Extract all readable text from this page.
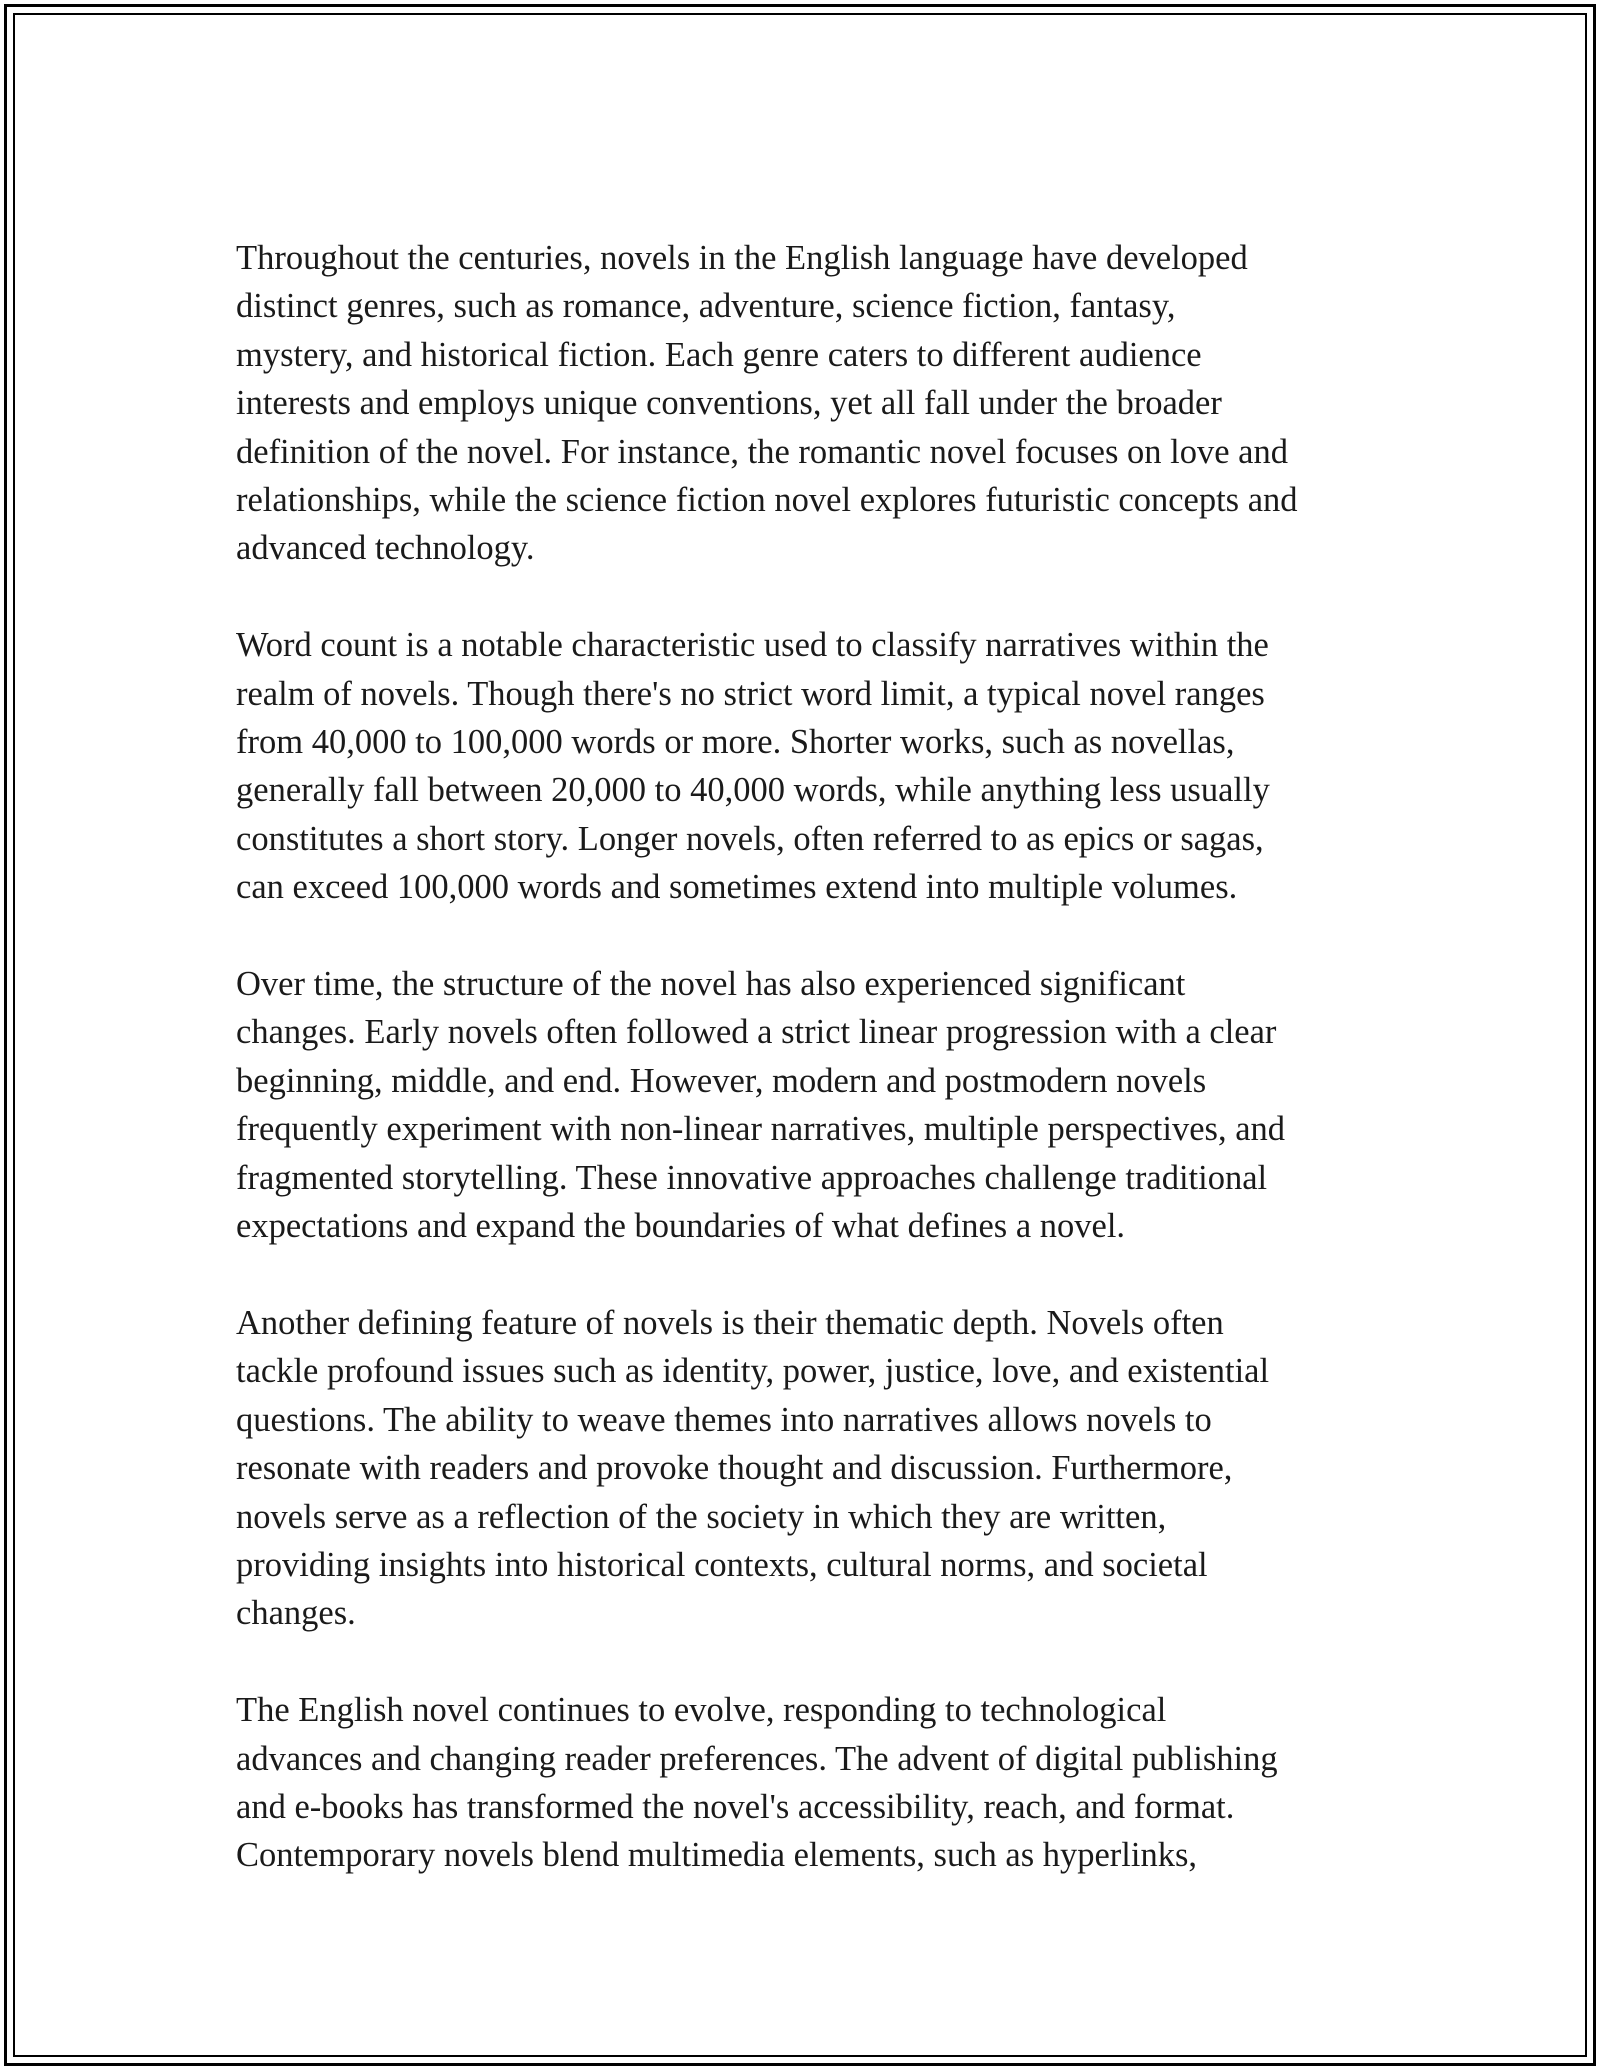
Throughout the centuries, novels in the English language have developed
distinct genres, such as romance, adventure, science fiction, fantasy,
mystery, and historical fiction. Each genre caters to different audience
interests and employs unique conventions, yet all fall under the broader
definition of the novel. For instance, the romantic novel focuses on love and
relationships, while the science fiction novel explores futuristic concepts and
advanced technology.

Word count is a notable characteristic used to classify narratives within the
realm of novels. Though there's no strict word limit, a typical novel ranges
from 40,000 to 100,000 words or more. Shorter works, such as novellas,
generally fall between 20,000 to 40,000 words, while anything less usually
constitutes a short story. Longer novels, often referred to as epics or sagas,
can exceed 100,000 words and sometimes extend into multiple volumes.

Over time, the structure of the novel has also experienced significant
changes. Early novels often followed a strict linear progression with a clear
beginning, middle, and end. However, modern and postmodern novels
frequently experiment with non-linear narratives, multiple perspectives, and
fragmented storytelling. These innovative approaches challenge traditional
expectations and expand the boundaries of what defines a novel.

Another defining feature of novels is their thematic depth. Novels often
tackle profound issues such as identity, power, justice, love, and existential
questions. The ability to weave themes into narratives allows novels to
resonate with readers and provoke thought and discussion. Furthermore,
novels serve as a reflection of the society in which they are written,
providing insights into historical contexts, cultural norms, and societal
changes.

The English novel continues to evolve, responding to technological
advances and changing reader preferences. The advent of digital publishing
and e-books has transformed the novel's accessibility, reach, and format.
Contemporary novels blend multimedia elements, such as hyperlinks,
